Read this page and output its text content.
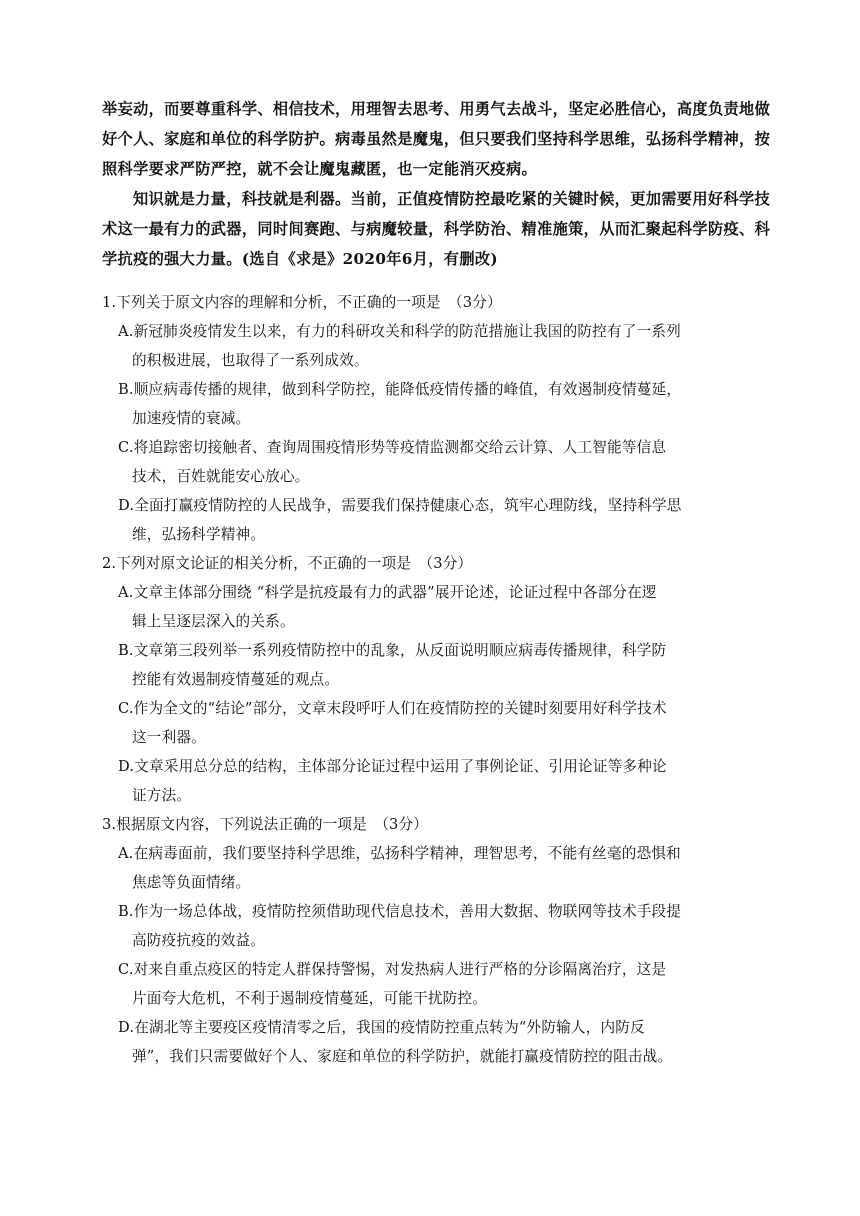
举妄动，而要尊重科学、相信技术，用理智去思考、用勇气去战斗，坚定必胜信心，高度负责地做
好个人、家庭和单位的科学防护。病毒虽然是魔鬼，但只要我们坚持科学思维，弘扬科学精神，按
照科学要求严防严控，就不会让魔鬼藏匿，也一定能消灭疫病。
知识就是力量，科技就是利器。当前，正值疫情防控最吃紧的关键时候，更加需要用好科学技
术这一最有力的武器，同时间赛跑、与病魔较量，科学防治、精准施策，从而汇聚起科学防疫、科
学抗疫的强大力量。(选自《求是》2020年6月，有删改)
1.下列关于原文内容的理解和分析，不正确的一项是　（3分）
A.新冠肺炎疫情发生以来，有力的科研攻关和科学的防范措施让我国的防控有了一系列
的积极进展，也取得了一系列成效。
B.顺应病毒传播的规律，做到科学防控，能降低疫情传播的峰值，有效遏制疫情蔓延，
加速疫情的衰减。
C.将追踪密切接触者、查询周围疫情形势等疫情监测都交给云计算、人工智能等信息
技术，百姓就能安心放心。
D.全面打赢疫情防控的人民战争，需要我们保持健康心态，筑牢心理防线，坚持科学思
维，弘扬科学精神。
2.下列对原文论证的相关分析，不正确的一项是　（3分）
A.文章主体部分围绕 “科学是抗疫最有力的武器”展开论述，论证过程中各部分在逻
辑上呈逐层深入的关系。
B.文章第三段列举一系列疫情防控中的乱象，从反面说明顺应病毒传播规律，科学防
控能有效遏制疫情蔓延的观点。
C.作为全文的“结论”部分，文章末段呼吁人们在疫情防控的关键时刻要用好科学技术
这一利器。
D.文章采用总分总的结构，主体部分论证过程中运用了事例论证、引用论证等多种论
证方法。
3.根据原文内容，下列说法正确的一项是　（3分）
A.在病毒面前，我们要坚持科学思维，弘扬科学精神，理智思考，不能有丝毫的恐惧和
焦虑等负面情绪。
B.作为一场总体战，疫情防控须借助现代信息技术，善用大数据、物联网等技术手段提
高防疫抗疫的效益。
C.对来自重点疫区的特定人群保持警惕，对发热病人进行严格的分诊隔离治疗，这是
片面夸大危机，不利于遏制疫情蔓延，可能干扰防控。
D.在湖北等主要疫区疫情清零之后，我国的疫情防控重点转为“外防输人，内防反
弹”，我们只需要做好个人、家庭和单位的科学防护，就能打赢疫情防控的阻击战。
